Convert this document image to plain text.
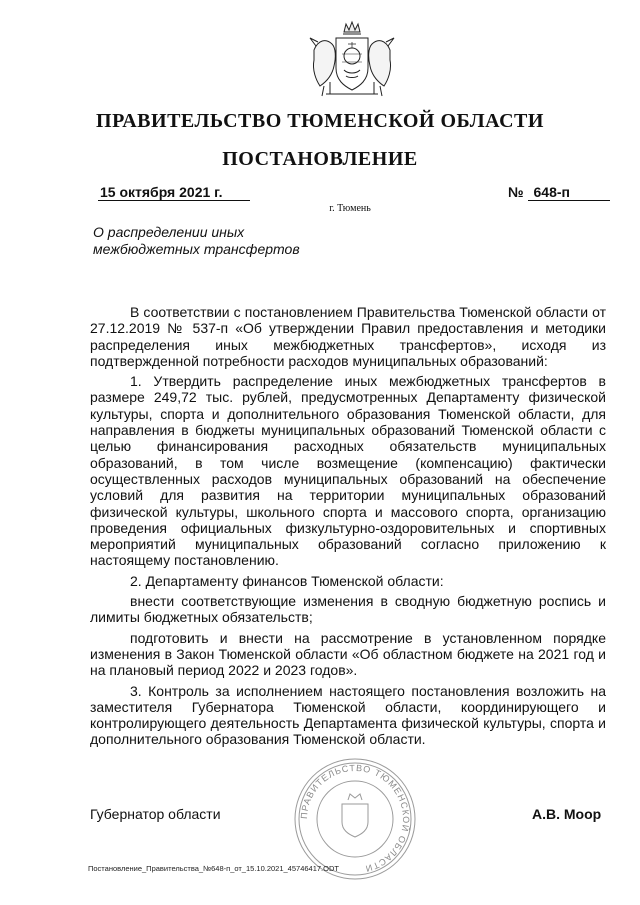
ПРАВИТЕЛЬСТВО ТЮМЕНСКОЙ ОБЛАСТИ
ПОСТАНОВЛЕНИЕ
15 октября 2021 г.	№ 648-п
г. Тюмень
О распределении иных
межбюджетных трансфертов

В соответствии с постановлением Правительства Тюменской области от 27.12.2019 № 537-п «Об утверждении Правил предоставления и методики распределения иных межбюджетных трансфертов», исходя из подтвержденной потребности расходов муниципальных образований:

1. Утвердить распределение иных межбюджетных трансфертов в размере 249,72 тыс. рублей, предусмотренных Департаменту физической культуры, спорта и дополнительного образования Тюменской области, для направления в бюджеты муниципальных образований Тюменской области с целью финансирования расходных обязательств муниципальных образований, в том числе возмещение (компенсацию) фактически осуществленных расходов муниципальных образований на обеспечение условий для развития на территории муниципальных образований физической культуры, школьного спорта и массового спорта, организацию проведения официальных физкультурно-оздоровительных и спортивных мероприятий муниципальных образований согласно приложению к настоящему постановлению.

2. Департаменту финансов Тюменской области:

внести соответствующие изменения в сводную бюджетную роспись и лимиты бюджетных обязательств;

подготовить и внести на рассмотрение в установленном порядке изменения в Закон Тюменской области «Об областном бюджете на 2021 год и на плановый период 2022 и 2023 годов».

3. Контроль за исполнением настоящего постановления возложить на заместителя Губернатора Тюменской области, координирующего и контролирующего деятельность Департамента физической культуры, спорта и дополнительного образования Тюменской области.

ПРАВИТЕЛЬСТВО ТЮМЕНСКОЙ ОБЛАСТИ
Губернатор области	А.В. Моор
Постановление_Правительства_№648-п_от_15.10.2021_45746417.ODT
